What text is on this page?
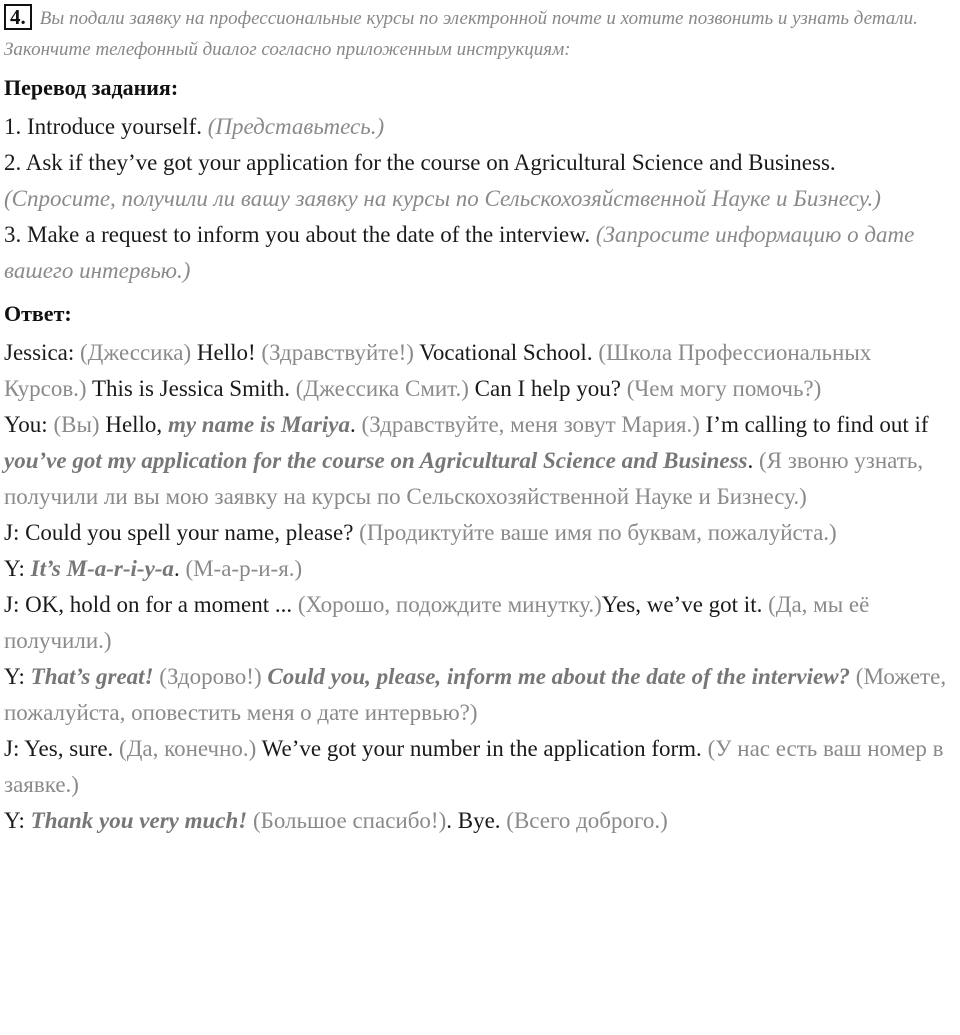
4. Вы подали заявку на профессиональные курсы по электронной почте и хотите позвонить и узнать детали.

Закончите телефонный диалог согласно приложенным инструкциям:

Перевод задания:

1. Introduce yourself. (Представьтесь.)

2. Ask if they’ve got your application for the course on Agricultural Science and Business. (Спросите, получили ли вашу заявку на курсы по Сельскохозяйственной Науке и Бизнесу.)

3. Make a request to inform you about the date of the interview. (Запросите информацию о дате вашего интервью.)

Ответ:

Jessica: (Джессика) Hello! (Здравствуйте!) Vocational School. (Школа Профессиональных Курсов.) This is Jessica Smith. (Джессика Смит.) Can I help you? (Чем могу помочь?)

You: (Вы) Hello, my name is Mariya. (Здравствуйте, меня зовут Мария.) I’m calling to find out if you’ve got my application for the course on Agricultural Science and Business. (Я звоню узнать, получили ли вы мою заявку на курсы по Сельскохозяйственной Науке и Бизнесу.)

J: Could you spell your name, please? (Продиктуйте ваше имя по буквам, пожалуйста.)

Y: It’s M-a-r-i-y-a. (М-а-р-и-я.)

J: OK, hold on for a moment ... (Хорошо, подождите минутку.)Yes, we’ve got it. (Да, мы её получили.)

Y: That’s great! (Здорово!) Could you, please, inform me about the date of the interview? (Можете, пожалуйста, оповестить меня о дате интервью?)

J: Yes, sure. (Да, конечно.) We’ve got your number in the application form. (У нас есть ваш номер в заявке.)

Y: Thank you very much! (Большое спасибо!). Bye. (Всего доброго.)
